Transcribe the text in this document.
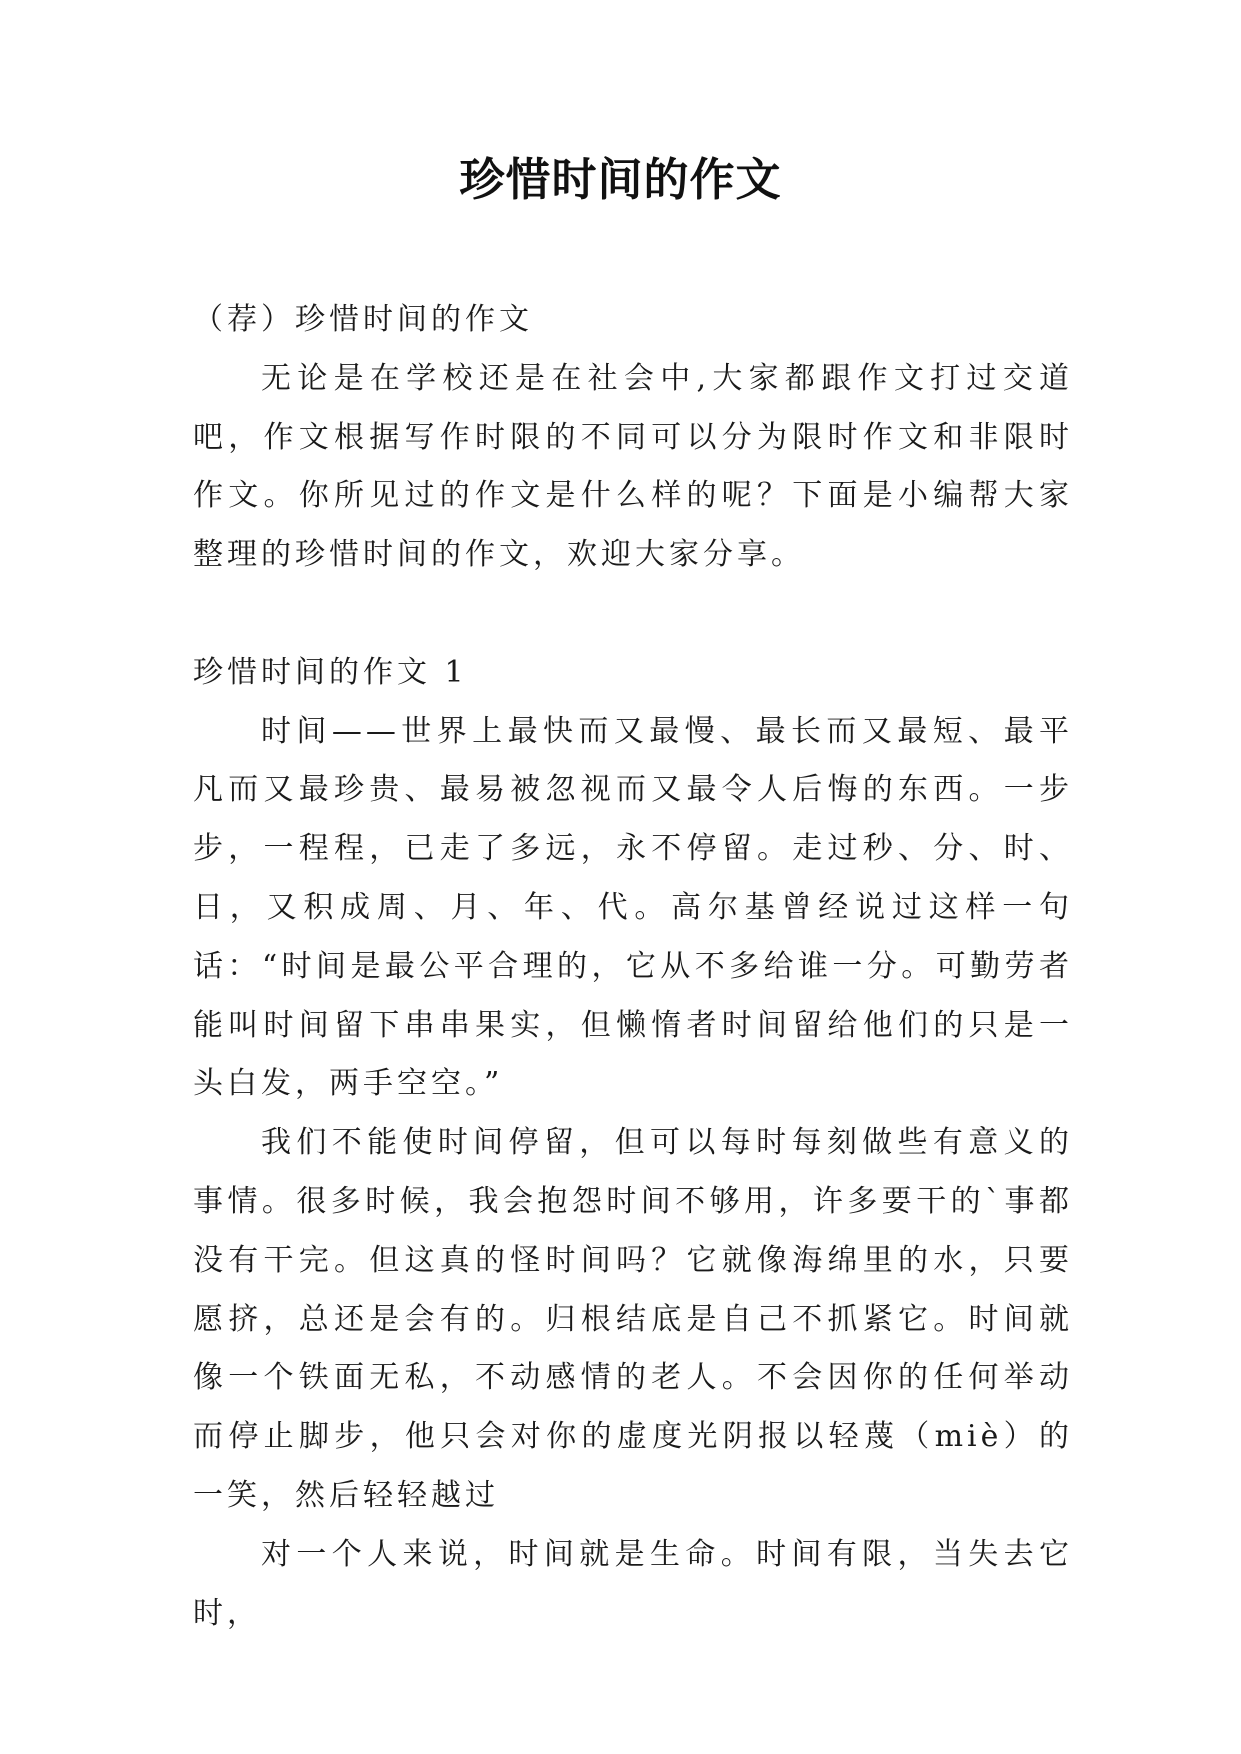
珍惜时间的作文

（荐）珍惜时间的作文

无论是在学校还是在社会中,大家都跟作文打过交道吧，作文根据写作时限的不同可以分为限时作文和非限时作文。你所见过的作文是什么样的呢？下面是小编帮大家整理的珍惜时间的作文，欢迎大家分享。

珍惜时间的作文 1

时间——世界上最快而又最慢、最长而又最短、最平凡而又最珍贵、最易被忽视而又最令人后悔的东西。一步步，一程程，已走了多远，永不停留。走过秒、分、时、日，又积成周、月、年、代。高尔基曾经说过这样一句话：“时间是最公平合理的，它从不多给谁一分。可勤劳者能叫时间留下串串果实，但懒惰者时间留给他们的只是一头白发，两手空空。”

我们不能使时间停留，但可以每时每刻做些有意义的事情。很多时候，我会抱怨时间不够用，许多要干的`事都没有干完。但这真的怪时间吗？它就像海绵里的水，只要愿挤，总还是会有的。归根结底是自己不抓紧它。时间就像一个铁面无私，不动感情的老人。不会因你的任何举动而停止脚步，他只会对你的虚度光阴报以轻蔑（miè）的一笑，然后轻轻越过

对一个人来说，时间就是生命。时间有限，当失去它时，
